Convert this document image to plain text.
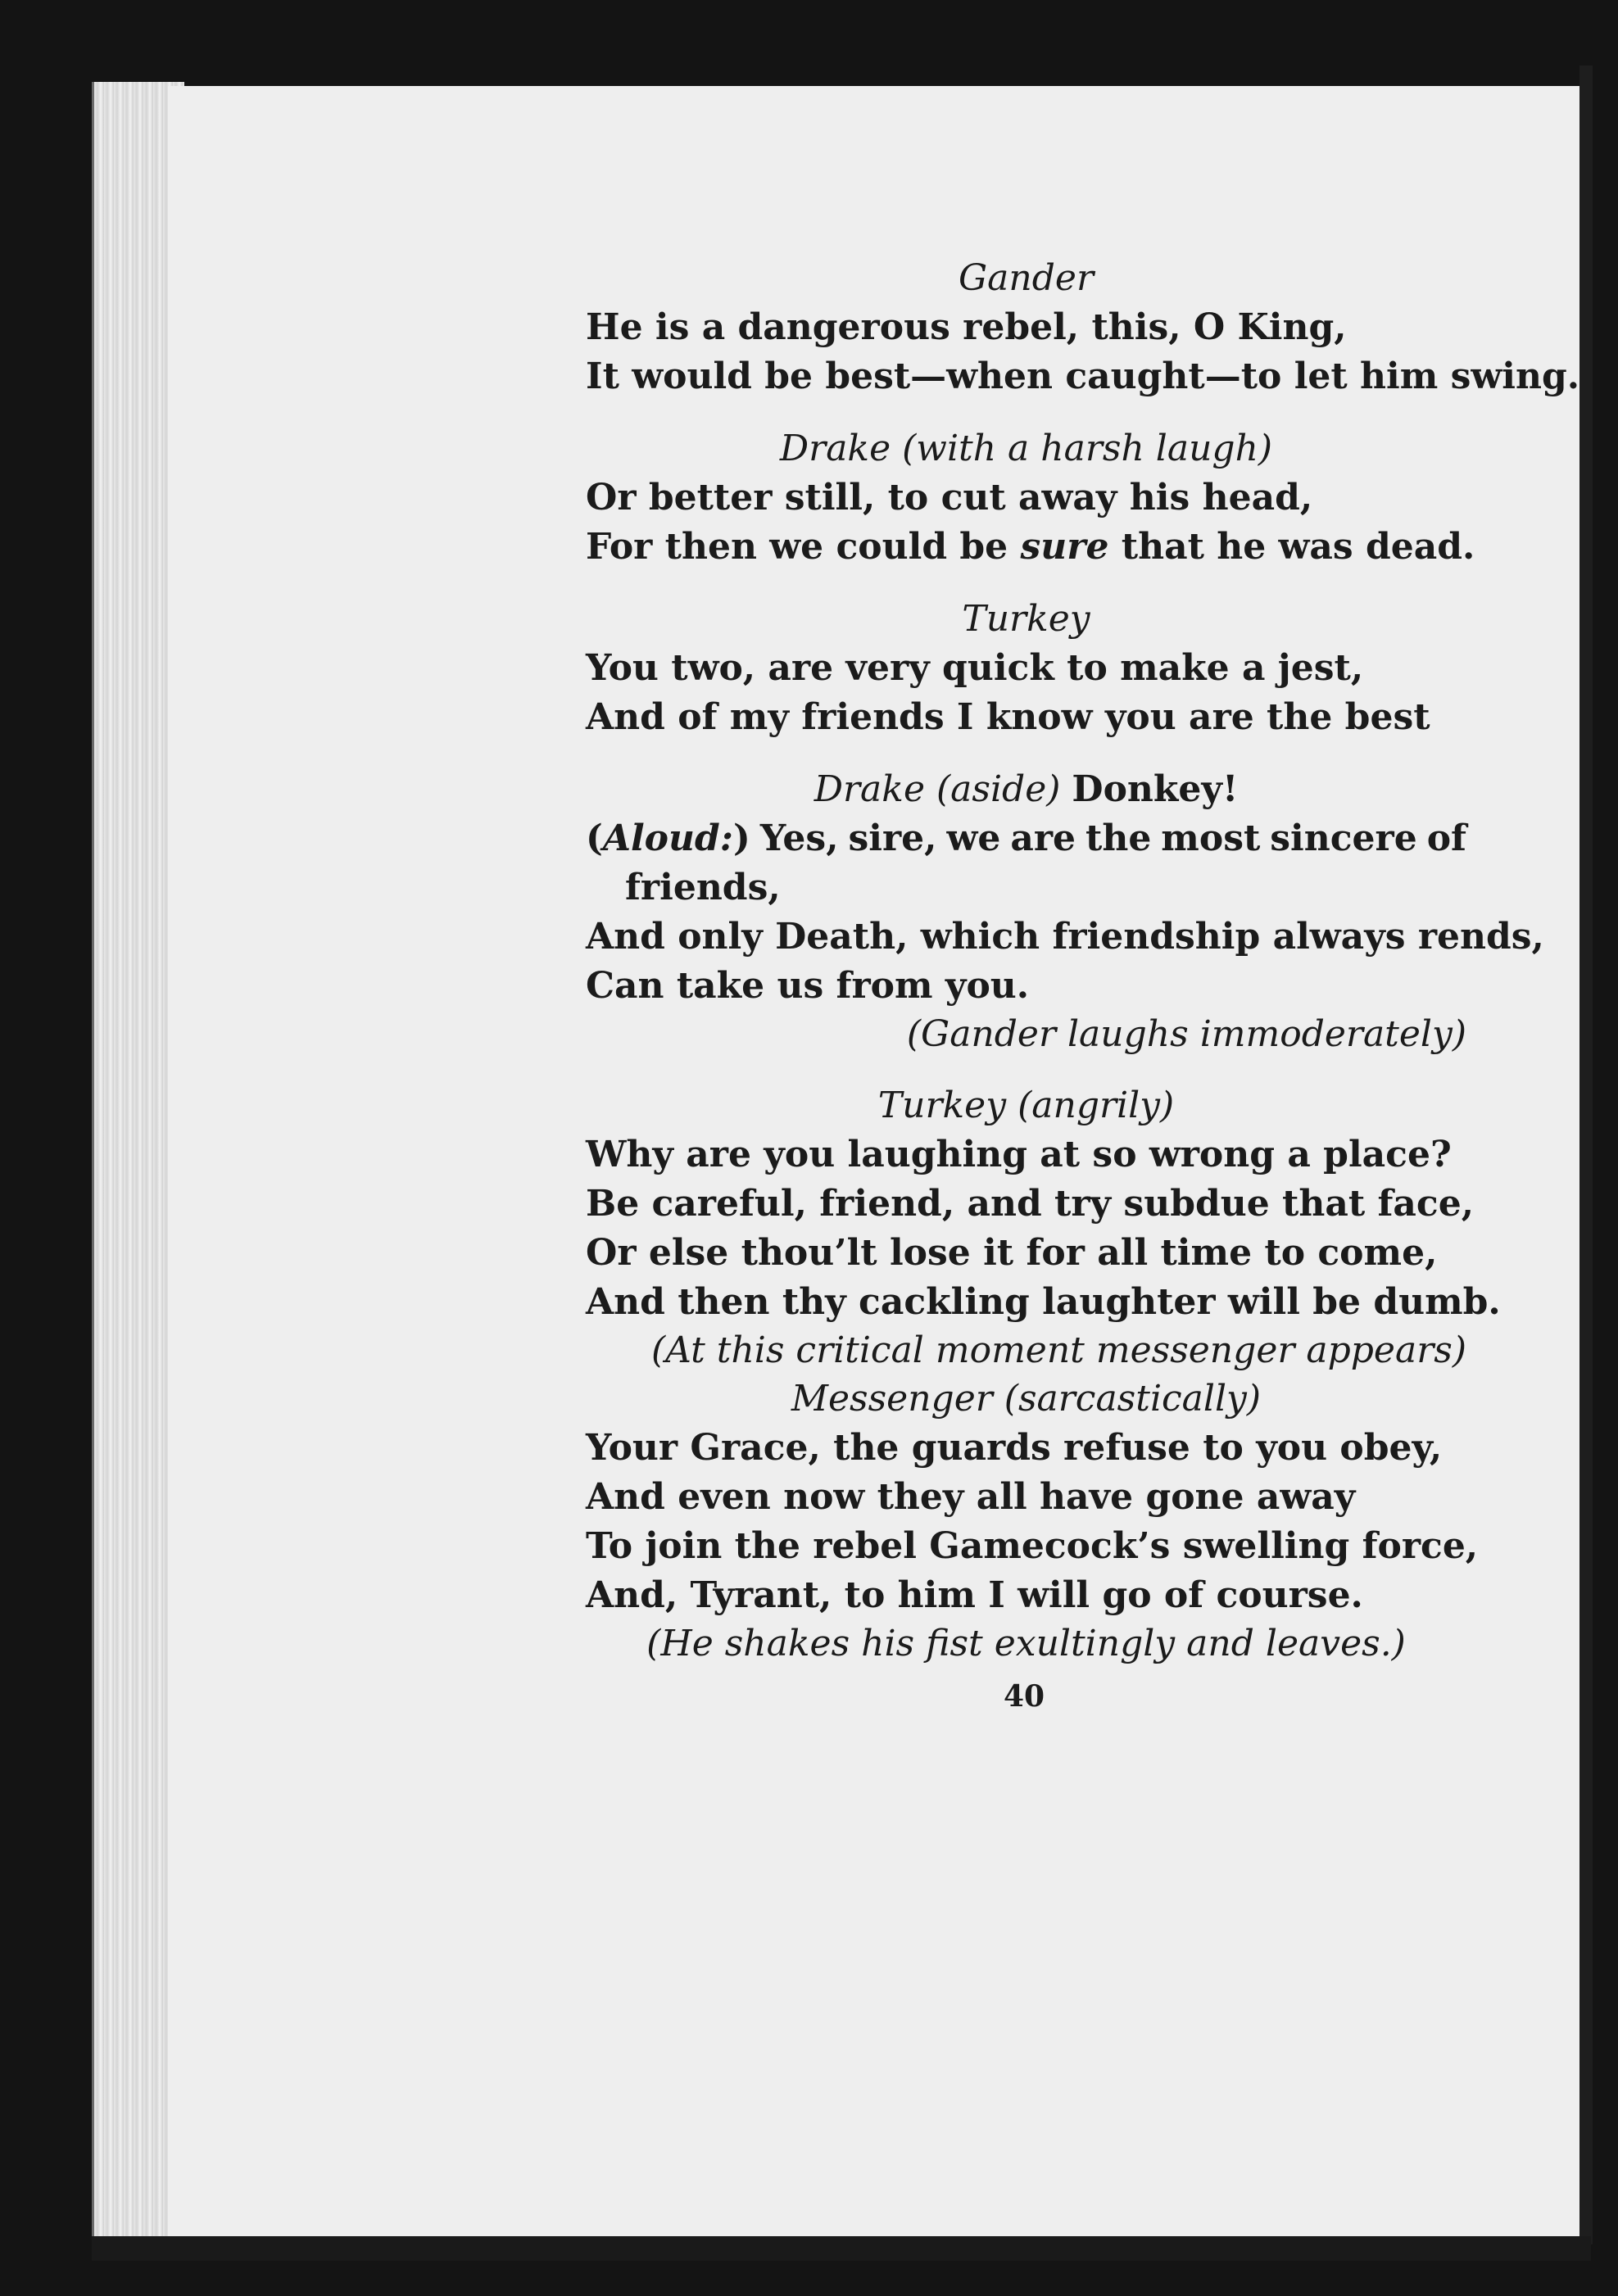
Gander
He is a dangerous rebel, this, O King,
It would be best—when caught—to let him swing.
Drake (with a harsh laugh)
Or better still, to cut away his head,
For then we could be sure that he was dead.
Turkey
You two, are very quick to make a jest,
And of my friends I know you are the best
Drake (aside) Donkey!
(Aloud:) Yes, sire, we are the most sincere of
friends,
And only Death, which friendship always rends,
Can take us from you.
(Gander laughs immoderately)
Turkey (angrily)
Why are you laughing at so wrong a place?
Be careful, friend, and try subdue that face,
Or else thou’lt lose it for all time to come,
And then thy cackling laughter will be dumb.
(At this critical moment messenger appears)
Messenger (sarcastically)
Your Grace, the guards refuse to you obey,
And even now they all have gone away
To join the rebel Gamecock’s swelling force,
And, Tyrant, to him I will go of course.
(He shakes his fist exultingly and leaves.)
40
